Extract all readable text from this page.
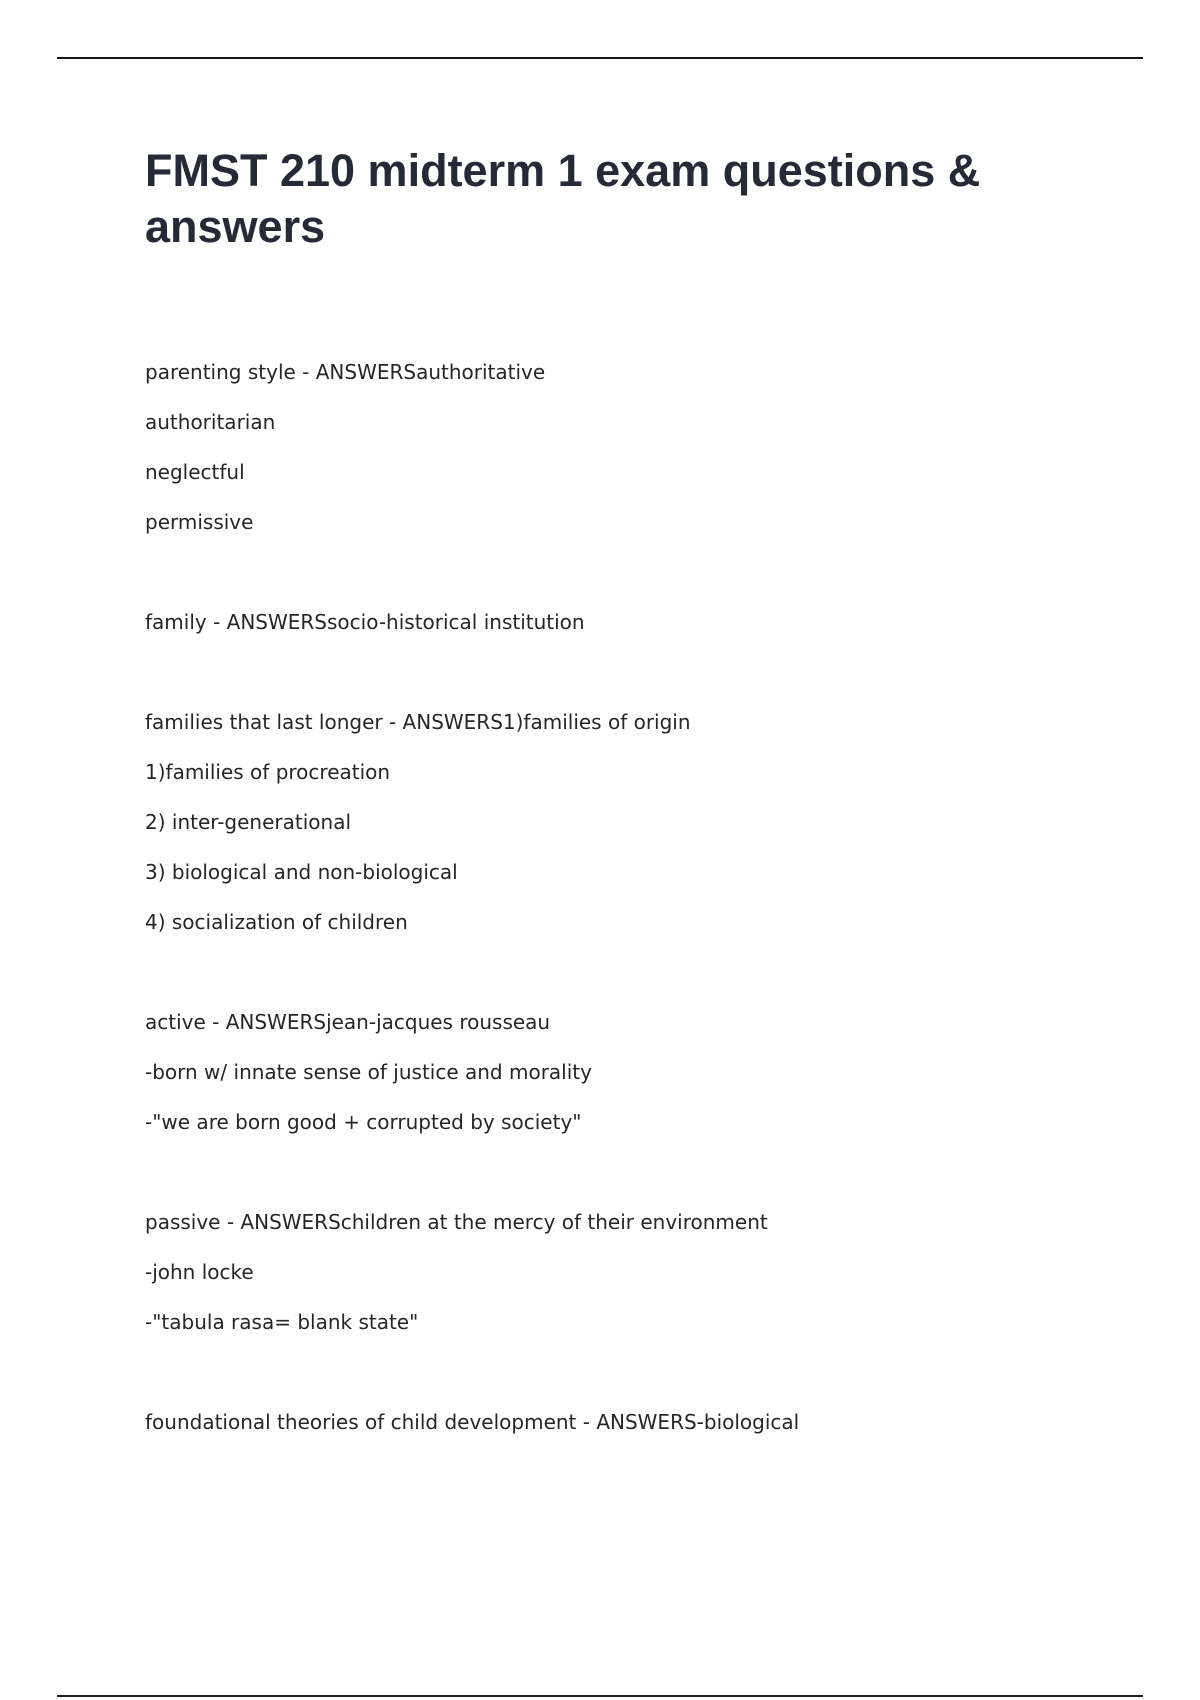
FMST 210 midterm 1 exam questions & answers
parenting style - ANSWERSauthoritative
authoritarian
neglectful
permissive
family - ANSWERSsocio-historical institution
families that last longer - ANSWERS1)families of origin
1)families of procreation
2) inter-generational
3) biological and non-biological
4) socialization of children
active - ANSWERSjean-jacques rousseau
-born w/ innate sense of justice and morality
-"we are born good + corrupted by society"
passive - ANSWERSchildren at the mercy of their environment
-john locke
-"tabula rasa= blank state"
foundational theories of child development - ANSWERS-biological
